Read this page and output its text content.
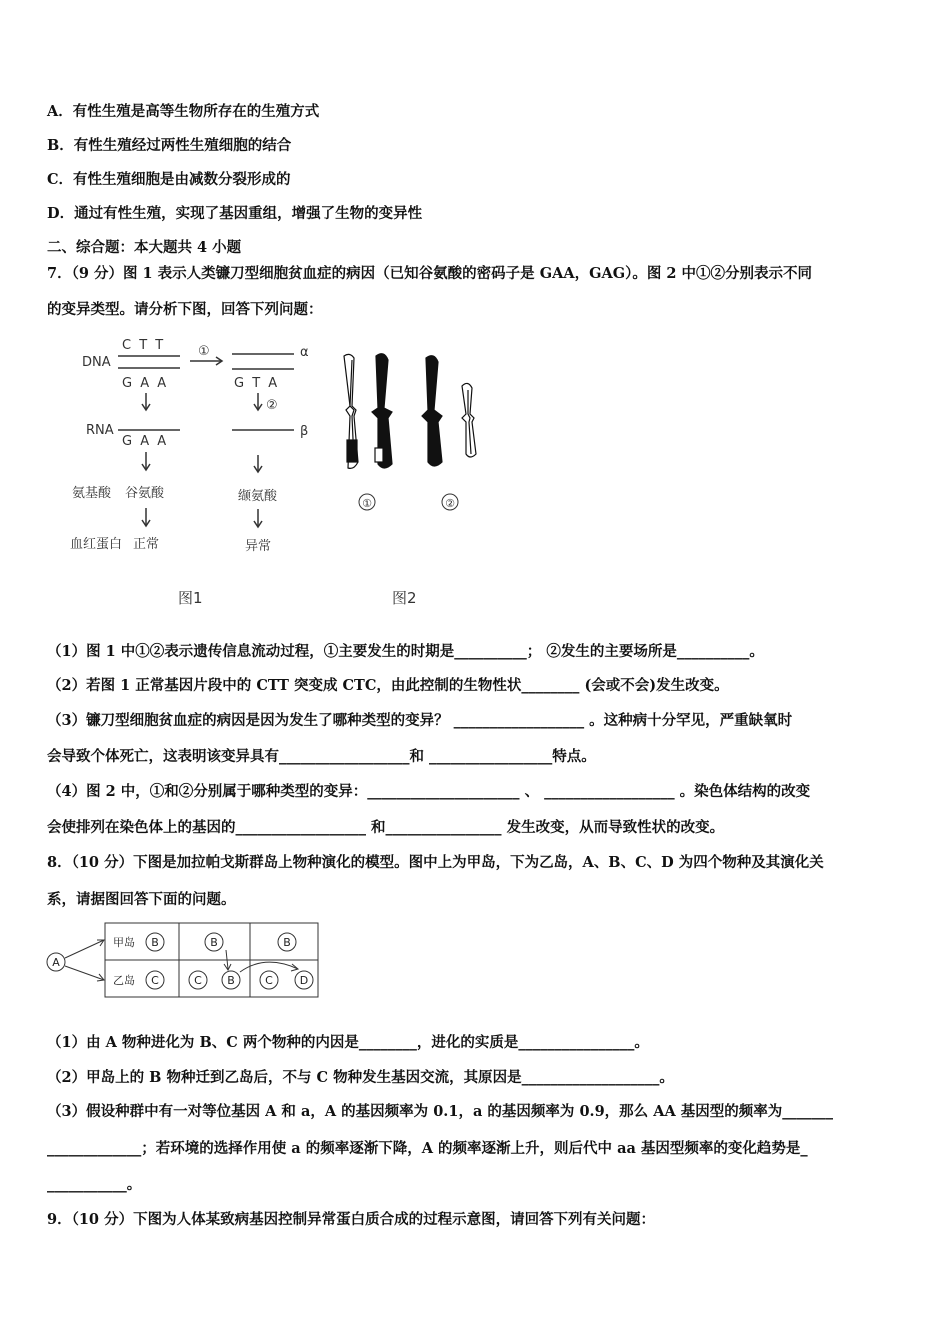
A．有性生殖是高等生物所存在的生殖方式
B．有性生殖经过两性生殖细胞的结合
C．有性生殖细胞是由减数分裂形成的
D．通过有性生殖，实现了基因重组，增强了生物的变异性
二、综合题：本大题共 4 小题
7．（9 分）图 1 表示人类镰刀型细胞贫血症的病因（已知谷氨酸的密码子是 GAA，GAG）。图 2 中①②分别表示不同
的变异类型。请分析下图，回答下列问题：
DNA
C T T
G A A
①	α
G T A
②
RNA
G A A
β
氨基酸 谷氨酸	缬氨酸
血红蛋白 正常	异常
图1
①	②
图2
（1）图 1 中①②表示遗传信息流动过程，①主要发生的时期是__________； ②发生的主要场所是__________。
（2）若图 1 正常基因片段中的 CTT 突变成 CTC，由此控制的生物性状________ (会或不会)发生改变。
（3）镰刀型细胞贫血症的病因是因为发生了哪种类型的变异？ __________________ 。这种病十分罕见，严重缺氧时
会导致个体死亡，这表明该变异具有__________________和 _________________特点。
（4）图 2 中，①和②分别属于哪种类型的变异：_____________________ 、 __________________ 。染色体结构的改变
会使排列在染色体上的基因的__________________ 和________________ 发生改变，从而导致性状的改变。
8．（10 分）下图是加拉帕戈斯群岛上物种演化的模型。图中上为甲岛，下为乙岛，A、B、C、D 为四个物种及其演化关
系，请据图回答下面的问题。
A
甲岛
乙岛
B
C
B
C B
B
C D
（1）由 A 物种进化为 B、C 两个物种的内因是________，进化的实质是________________。
（2）甲岛上的 B 物种迁到乙岛后，不与 C 物种发生基因交流，其原因是___________________。
（3）假设种群中有一对等位基因 A 和 a，A 的基因频率为 0.1，a 的基因频率为 0.9，那么 AA 基因型的频率为_______
_____________；若环境的选择作用使 a 的频率逐渐下降，A 的频率逐渐上升，则后代中 aa 基因型频率的变化趋势是_
___________。
9．（10 分）下图为人体某致病基因控制异常蛋白质合成的过程示意图，请回答下列有关问题：
